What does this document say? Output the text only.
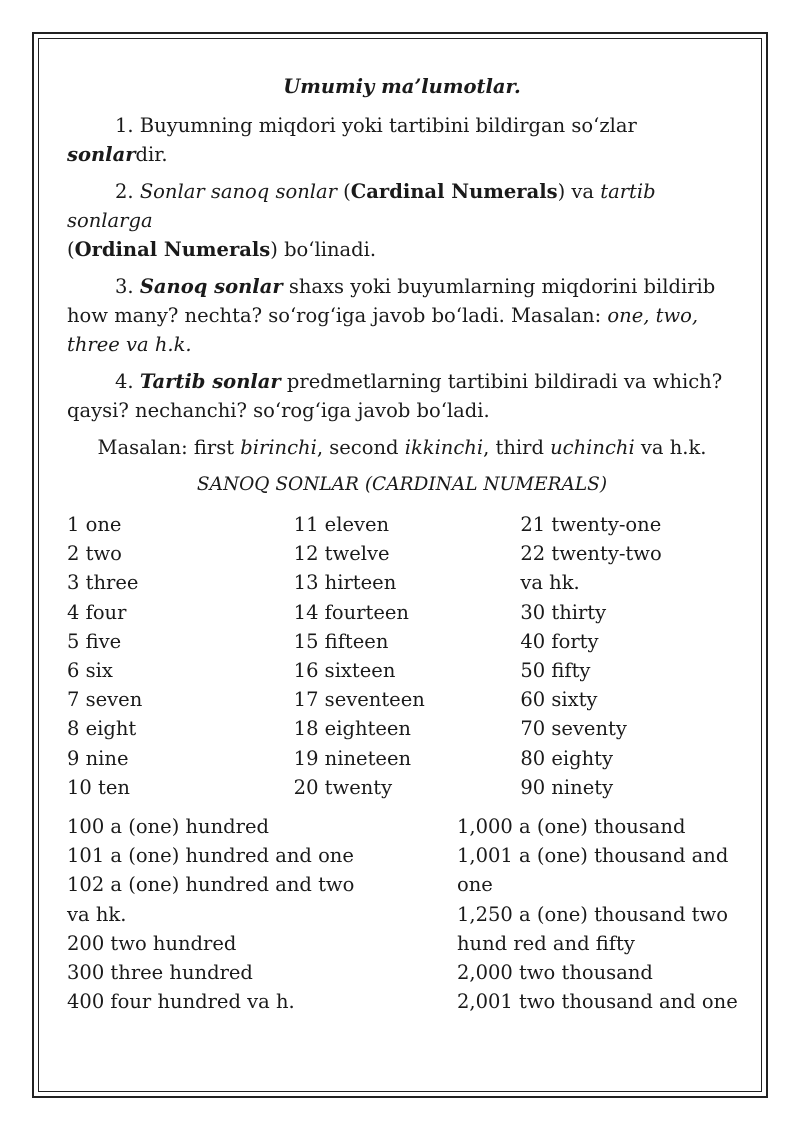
Umumiy ma’lumotlar.

1. Buyumning miqdori yoki tartibini bildirgan so‘zlar sonlardir.

2. Sonlar sanoq sonlar (Cardinal Numerals) va tartib sonlarga
(Ordinal Numerals) bo‘linadi.

3. Sanoq sonlar shaxs yoki buyumlarning miqdorini bildirib how many? nechta? so‘rog‘iga javob bo‘ladi. Masalan: one, two, three va h.k.

4. Tartib sonlar predmetlarning tartibini bildiradi va which? qaysi? nechanchi? so‘rog‘iga javob bo‘ladi.

Masalan: first birinchi, second ikkinchi, third uchinchi va h.k.

SANOQ SONLAR (CARDINAL NUMERALS)

1 one
2 two
3 three
4 four
5 five
6 six
7 seven
8 eight
9 nine
10 ten
11 eleven
12 twelve
13 hirteen
14 fourteen
15 fifteen
16 sixteen
17 seventeen
18 eighteen
19 nineteen
20 twenty
21 twenty-one
22 twenty-two
va hk.
30 thirty
40 forty
50 fifty
60 sixty
70 seventy
80 eighty
90 ninety
100 a (one) hundred
101 a (one) hundred and one
102 a (one) hundred and two
va hk.
200 two hundred
300 three hundred
400 four hundred va h.
1,000 a (one) thousand
1,001 a (one) thousand and
one
1,250 a (one) thousand two
hund red and fifty
2,000 two thousand
2,001 two thousand and one
